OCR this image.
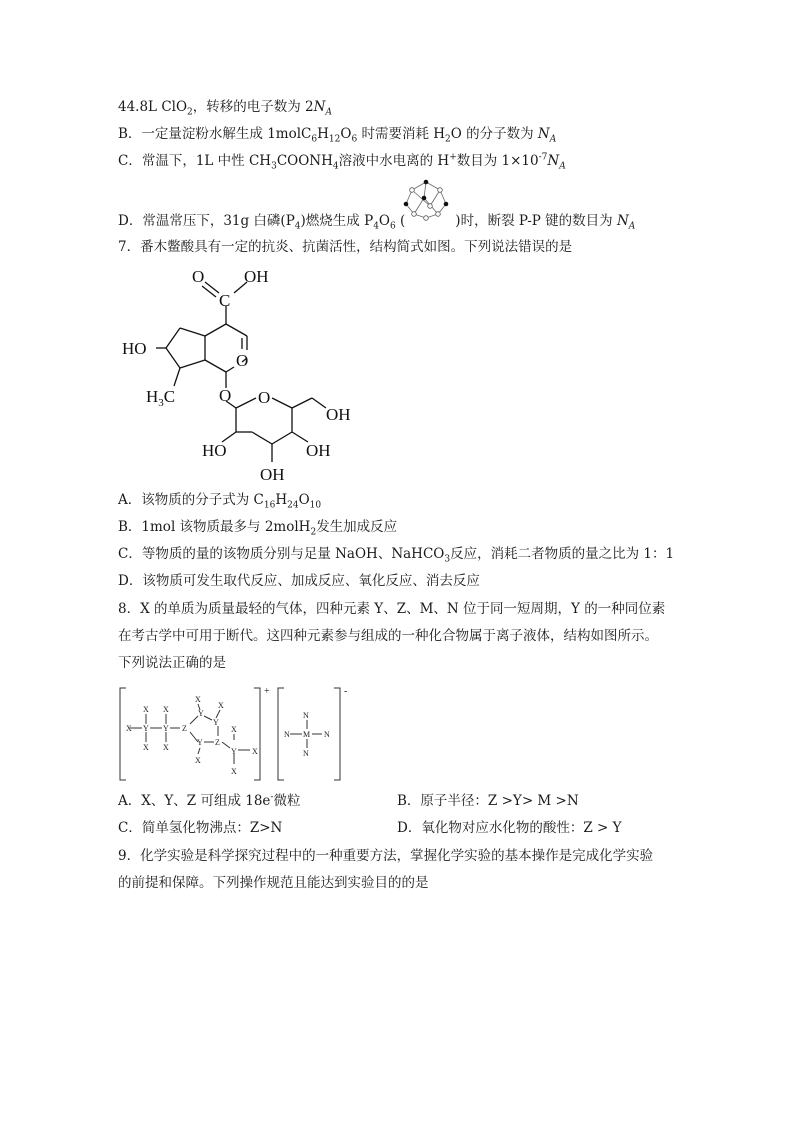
44.8L ClO$_2$，转移的电子数为 $2N_A$
B．一定量淀粉水解生成 $1molC_6H_{12}O_6$ 时需要消耗 $H_2O$ 的分子数为 $N_A$
C．常温下，1L 中性 $CH_3COONH_4$溶液中水电离的 H+数目为 $1\times 10^{-7}N_A$
D．常温常压下，31g 白磷$(P_4)$燃烧生成 $P_4O_6$ (	)时，断裂 P-P 键的数目为 $N_A$
7．番木鳖酸具有一定的抗炎、抗菌活性，结构简式如图。下列说法错误的是
O OH
C
HO
O
$H_3C$	O O
OH
HO	OH
OH
A．该物质的分子式为 $C_{16}H_{24}O_{10}$
B．1mol 该物质最多与 2molH$_2$发生加成反应
C．等物质的量的该物质分别与足量 NaOH、NaHCO$_3$反应，消耗二者物质的量之比为 1：1
D．该物质可发生取代反应、加成反应、氧化反应、消去反应
8．X 的单质为质量最轻的气体，四种元素 Y、Z、M、N 位于同一短周期，Y 的一种同位素
在考古学中可用于断代。这四种元素参与组成的一种化合物属于离子液体，结构如图所示。
下列说法正确的是
X Y
X
X
Y
X
X
Z
Y
X
Y
X
Y
X
Z
Y
X
X
X
N M N
N
N
+	-
A．X、Y、Z 可组成 18e-微粒	B．原子半径：Z >Y> M >N
C．简单氢化物沸点：Z>N	D．氧化物对应水化物的酸性：Z > Y
9．化学实验是科学探究过程中的一种重要方法，掌握化学实验的基本操作是完成化学实验
的前提和保障。下列操作规范且能达到实验目的的是
